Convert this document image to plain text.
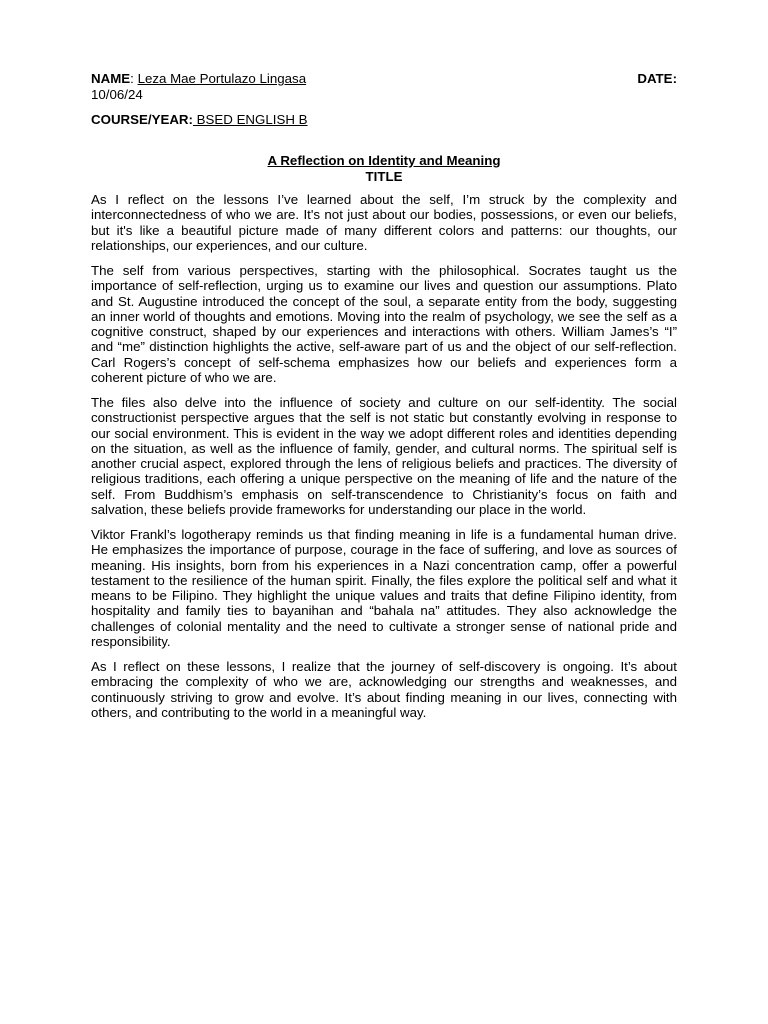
NAME: Leza Mae Portulazo Lingasa	DATE:
10/06/24
COURSE/YEAR: BSED ENGLISH B
A Reflection on Identity and Meaning
TITLE

As I reflect on the lessons I’ve learned about the self, I’m struck by the complexity and interconnectedness of who we are. It's not just about our bodies, possessions, or even our beliefs, but it's like a beautiful picture made of many different colors and patterns: our thoughts, our relationships, our experiences, and our culture.

The self from various perspectives, starting with the philosophical. Socrates taught us the importance of self-reflection, urging us to examine our lives and question our assumptions. Plato and St. Augustine introduced the concept of the soul, a separate entity from the body, suggesting an inner world of thoughts and emotions. Moving into the realm of psychology, we see the self as a cognitive construct, shaped by our experiences and interactions with others. William James’s “I” and “me” distinction highlights the active, self-aware part of us and the object of our self-reflection. Carl Rogers’s concept of self-schema emphasizes how our beliefs and experiences form a coherent picture of who we are.

The files also delve into the influence of society and culture on our self-identity. The social constructionist perspective argues that the self is not static but constantly evolving in response to our social environment. This is evident in the way we adopt different roles and identities depending on the situation, as well as the influence of family, gender, and cultural norms. The spiritual self is another crucial aspect, explored through the lens of religious beliefs and practices. The diversity of religious traditions, each offering a unique perspective on the meaning of life and the nature of the self. From Buddhism’s emphasis on self-transcendence to Christianity’s focus on faith and salvation, these beliefs provide frameworks for understanding our place in the world.

Viktor Frankl’s logotherapy reminds us that finding meaning in life is a fundamental human drive. He emphasizes the importance of purpose, courage in the face of suffering, and love as sources of meaning. His insights, born from his experiences in a Nazi concentration camp, offer a powerful testament to the resilience of the human spirit. Finally, the files explore the political self and what it means to be Filipino. They highlight the unique values and traits that define Filipino identity, from hospitality and family ties to bayanihan and “bahala na” attitudes. They also acknowledge the challenges of colonial mentality and the need to cultivate a stronger sense of national pride and responsibility.

As I reflect on these lessons, I realize that the journey of self-discovery is ongoing. It’s about embracing the complexity of who we are, acknowledging our strengths and weaknesses, and continuously striving to grow and evolve. It’s about finding meaning in our lives, connecting with others, and contributing to the world in a meaningful way.
